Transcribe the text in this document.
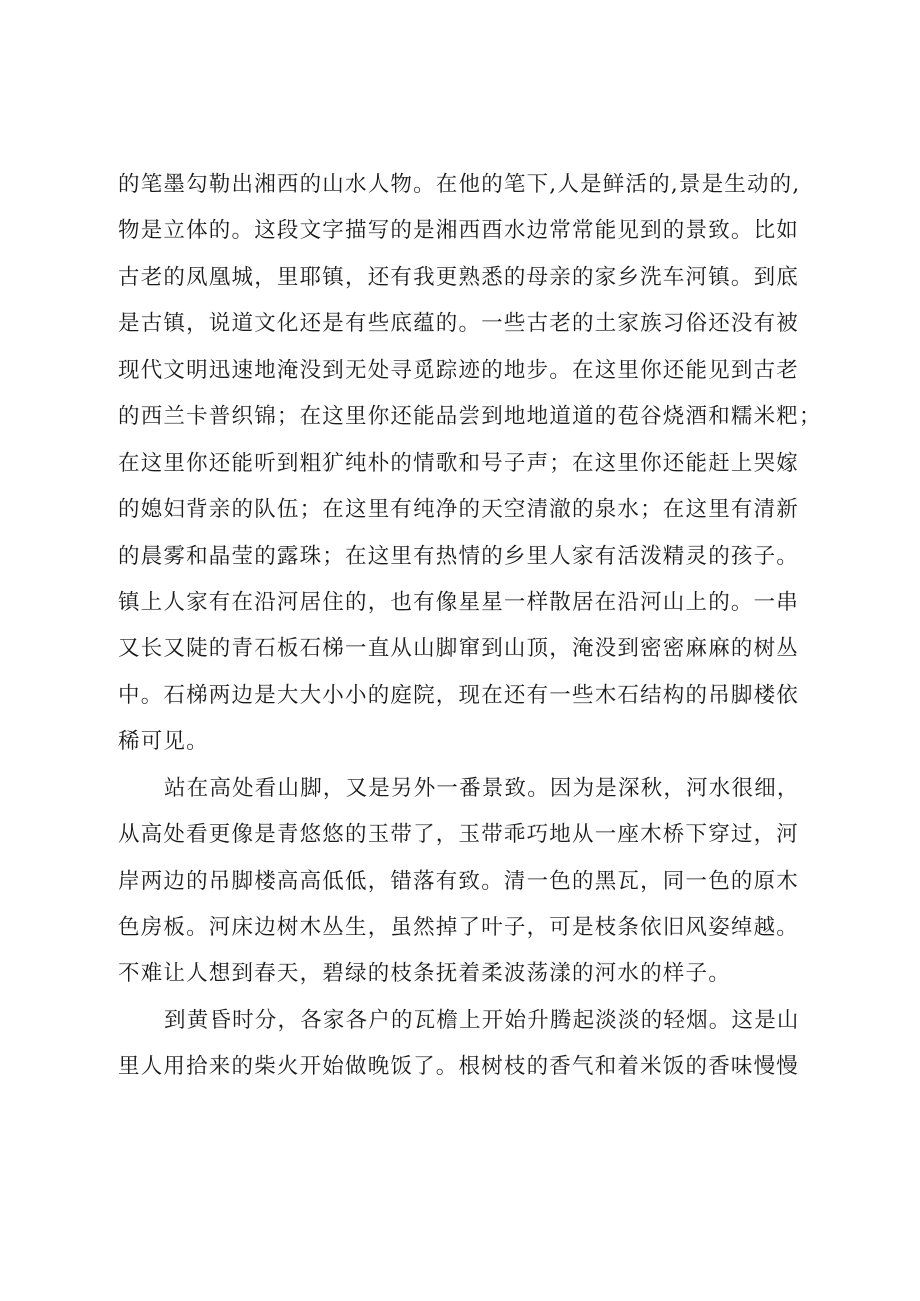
的笔墨勾勒出湘西的山水人物。在他的笔下,人是鲜活的,景是生动的,
物是立体的。这段文字描写的是湘西酉水边常常能见到的景致。比如
古老的凤凰城，里耶镇，还有我更熟悉的母亲的家乡洗车河镇。到底
是古镇，说道文化还是有些底蕴的。一些古老的土家族习俗还没有被
现代文明迅速地淹没到无处寻觅踪迹的地步。在这里你还能见到古老
的西兰卡普织锦；在这里你还能品尝到地地道道的苞谷烧酒和糯米粑；
在这里你还能听到粗犷纯朴的情歌和号子声；在这里你还能赶上哭嫁
的媳妇背亲的队伍；在这里有纯净的天空清澈的泉水；在这里有清新
的晨雾和晶莹的露珠；在这里有热情的乡里人家有活泼精灵的孩子。
镇上人家有在沿河居住的，也有像星星一样散居在沿河山上的。一串
又长又陡的青石板石梯一直从山脚窜到山顶，淹没到密密麻麻的树丛
中。石梯两边是大大小小的庭院，现在还有一些木石结构的吊脚楼依
稀可见。
站在高处看山脚，又是另外一番景致。因为是深秋，河水很细，
从高处看更像是青悠悠的玉带了，玉带乖巧地从一座木桥下穿过，河
岸两边的吊脚楼高高低低，错落有致。清一色的黑瓦，同一色的原木
色房板。河床边树木丛生，虽然掉了叶子，可是枝条依旧风姿绰越。
不难让人想到春天，碧绿的枝条抚着柔波荡漾的河水的样子。
到黄昏时分，各家各户的瓦檐上开始升腾起淡淡的轻烟。这是山
里人用拾来的柴火开始做晚饭了。根树枝的香气和着米饭的香味慢慢
